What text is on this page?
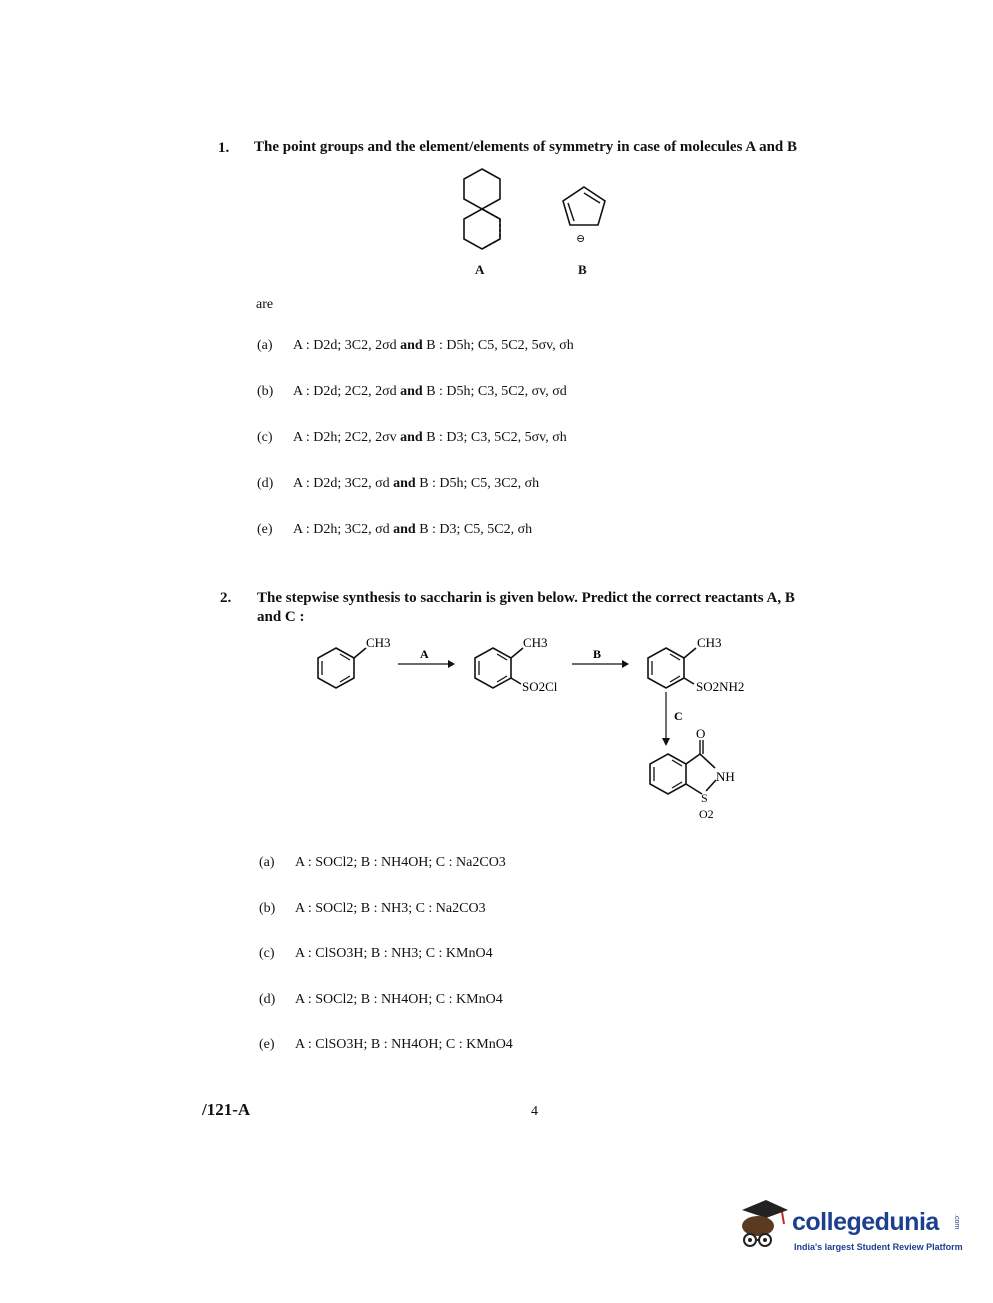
1. The point groups and the element/elements of symmetry in case of molecules A and B
⊖
A	B
are
(a) A : D2d; 3C2, 2σd and B : D5h; C5, 5C2, 5σv, σh
(b) A : D2d; 2C2, 2σd and B : D5h; C3, 5C2, σv, σd
(c) A : D2h; 2C2, 2σv and B : D3; C3, 5C2, 5σv, σh
(d) A : D2d; 3C2, σd and B : D5h; C5, 3C2, σh
(e) A : D2h; 3C2, σd and B : D3; C5, 5C2, σh
2. The stepwise synthesis to saccharin is given below. Predict the correct reactants A, B
and C :
CH3
A
CH3
SO2Cl
B
CH3
SO2NH2
C
O
NH
S
O2
(a) A : SOCl2; B : NH4OH; C : Na2CO3
(b) A : SOCl2; B : NH3; C : Na2CO3
(c) A : ClSO3H; B : NH3; C : KMnO4
(d) A : SOCl2; B : NH4OH; C : KMnO4
(e) A : ClSO3H; B : NH4OH; C : KMnO4
/121-A	4
collegedunia .com
India's largest Student Review Platform
